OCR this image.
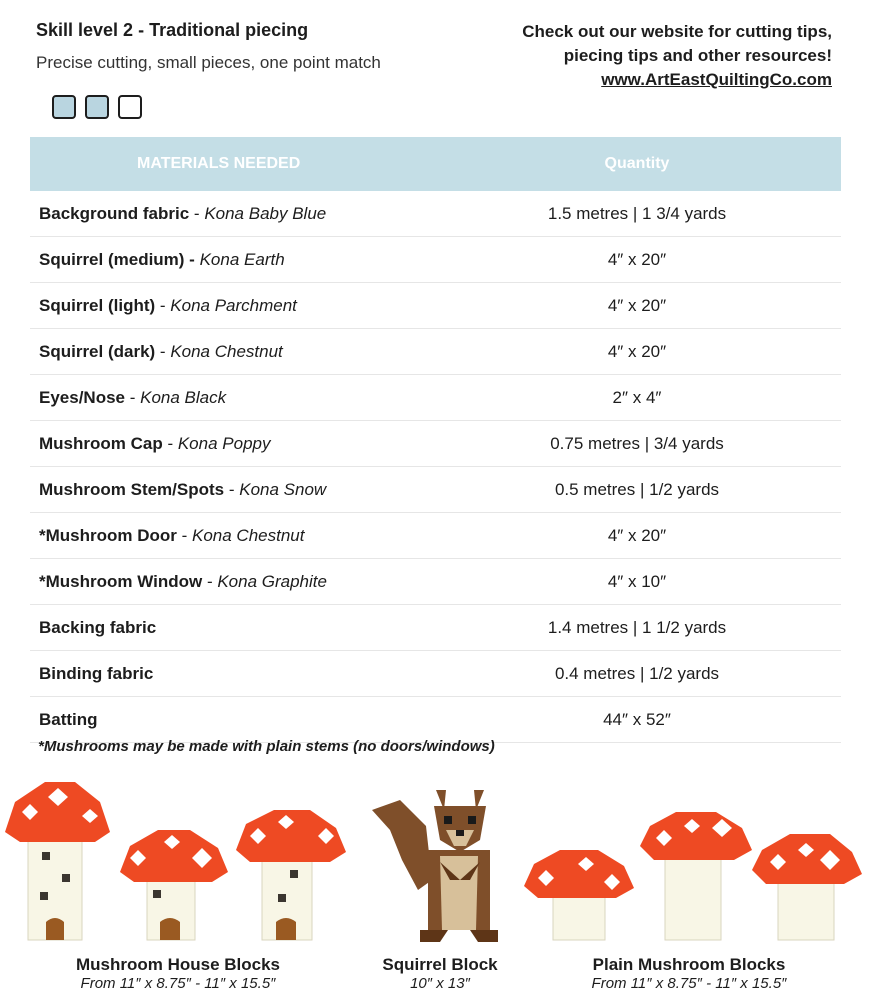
Skill level 2 - Traditional piecing
Precise cutting, small pieces, one point match
Check out our website for cutting tips,
piecing tips and other resources!
www.ArtEastQuiltingCo.com
MATERIALS NEEDED	Quantity
Background fabric - Kona Baby Blue	1.5 metres | 1 3/4 yards
Squirrel (medium) - Kona Earth	4″ x 20″
Squirrel (light) - Kona Parchment	4″ x 20″
Squirrel (dark) - Kona Chestnut	4″ x 20″
Eyes/Nose - Kona Black	2″ x 4″
Mushroom Cap - Kona Poppy	0.75 metres | 3/4 yards
Mushroom Stem/Spots - Kona Snow	0.5 metres | 1/2 yards
*Mushroom Door - Kona Chestnut	4″ x 20″
*Mushroom Window - Kona Graphite	4″ x 10″
Backing fabric	1.4 metres | 1 1/2 yards
Binding fabric	0.4 metres | 1/2 yards
Batting	44″ x 52″
*Mushrooms may be made with plain stems (no doors/windows)
Mushroom House Blocks
From 11″ x 8.75″ - 11″ x 15.5″
Squirrel Block
10″ x 13″
Plain Mushroom Blocks
From 11″ x 8.75″ - 11″ x 15.5″
